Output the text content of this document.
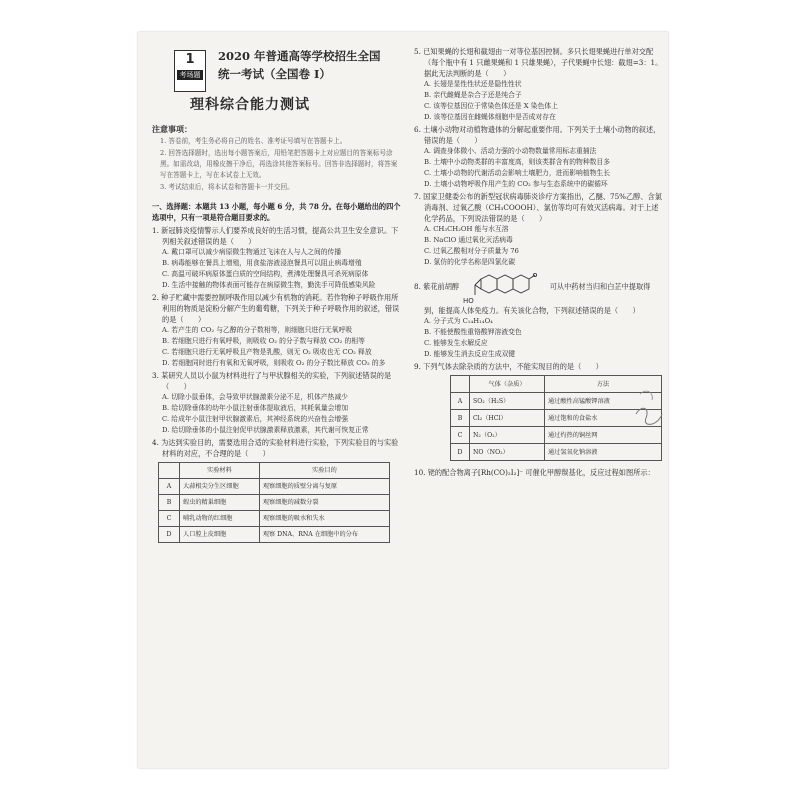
1
考场题
2020 年普通高等学校招生全国
统一考试（全国卷 I）
理科综合能力测试
注意事项：

1. 答卷前，考生务必将自己的姓名、准考证号填写在答题卡上。

2. 回答选择题时，选出每小题答案后，用铅笔把答题卡上对应题目的答案标号涂黑。如需改动，用橡皮擦干净后，再选涂其他答案标号。回答非选择题时，将答案写在答题卡上，写在本试卷上无效。

3. 考试结束后，将本试卷和答题卡一并交回。

一、选择题：本题共 13 小题，每小题 6 分，共 78 分。在每小题给出的四个选项中，只有一项是符合题目要求的。
1. 新冠肺炎疫情警示人们要养成良好的生活习惯，提高公共卫生安全意识。下列相关叙述错误的是（　　）
A. 戴口罩可以减少病原微生物通过飞沫在人与人之间的传播
B. 病毒能够在餐具上增殖，用食盐溶液浸泡餐具可以阻止病毒增殖
C. 高温可破坏病原体蛋白质的空间结构，煮沸处理餐具可杀死病原体
D. 生活中接触的物体表面可能存在病原微生物，勤洗手可降低感染风险
2. 种子贮藏中需要控制呼吸作用以减少有机物的消耗。若作物种子呼吸作用所利用的物质是淀粉分解产生的葡萄糖，下列关于种子呼吸作用的叙述，错误的是（　　）
A. 若产生的 CO₂ 与乙醇的分子数相等，则细胞只进行无氧呼吸
B. 若细胞只进行有氧呼吸，则吸收 O₂ 的分子数与释放 CO₂ 的相等
C. 若细胞只进行无氧呼吸且产物是乳酸，则无 O₂ 吸收也无 CO₂ 释放
D. 若细胞同时进行有氧和无氧呼吸，则吸收 O₂ 的分子数比释放 CO₂ 的多
3. 某研究人员以小鼠为材料进行了与甲状腺相关的实验，下列叙述错误的是（　　）
A. 切除小鼠垂体，会导致甲状腺激素分泌不足，机体产热减少
B. 给切除垂体的幼年小鼠注射垂体提取液后，其耗氧量会增加
C. 给成年小鼠注射甲状腺激素后，其神经系统的兴奋性会增强
D. 给切除垂体的小鼠注射促甲状腺激素释放激素，其代谢可恢复正常
4. 为达到实验目的，需要选用合适的实验材料进行实验，下列实验目的与实验材料的对应，不合理的是（　　）
	实验材料	实验目的
A	大蒜根尖分生区细胞	观察细胞的质壁分离与复原
B	蝗虫的精巢细胞	观察细胞的减数分裂
C	哺乳动物的红细胞	观察细胞的吸水和失水
D	人口腔上皮细胞	观察 DNA、RNA 在细胞中的分布
5. 已知果蝇的长翅和截翅由一对等位基因控制。多只长翅果蝇进行单对交配（每个瓶中有 1 只雌果蝇和 1 只雄果蝇），子代果蝇中长翅：截翅=3：1。据此无法判断的是（　　）
A. 长翅是显性性状还是隐性性状
B. 亲代雌蝇是杂合子还是纯合子
C. 该等位基因位于常染色体还是 X 染色体上
D. 该等位基因在雌蝇体细胞中是否成对存在
6. 土壤小动物对动植物遗体的分解起重要作用。下列关于土壤小动物的叙述，错误的是（　　）
A. 调查身体微小、活动力强的小动物数量常用标志重捕法
B. 土壤中小动物类群的丰富度高，则该类群含有的物种数目多
C. 土壤小动物的代谢活动会影响土壤肥力，进而影响植物生长
D. 土壤小动物呼吸作用产生的 CO₂ 参与生态系统中的碳循环
7. 国家卫健委公布的新型冠状病毒肺炎诊疗方案指出，乙醚、75%乙醇、含氯消毒剂、过氧乙酸（CH₃COOOH）、氯仿等均可有效灭活病毒。对于上述化学药品，下列说法错误的是（　　）
A. CH₃CH₂OH 能与水互溶
B. NaClO 通过氧化灭活病毒
C. 过氧乙酸相对分子质量为 76
D. 氯仿的化学名称是四氯化碳
8. 紫花前胡醇
HO
可从中药材当归和白芷中提取得到，能提高人体免疫力。有关该化合物，下列叙述错误的是（　　）
A. 分子式为 C₁₄H₁₄O₄
B. 不能使酸性重铬酸钾溶液变色
C. 能够发生水解反应
D. 能够发生消去反应生成双键
9. 下列气体去除杂质的方法中，不能实现目的的是（　　）
	气体（杂质）	方法
A	SO₂（H₂S）	通过酸性高锰酸钾溶液
B	Cl₂（HCl）	通过饱和的食盐水
C	N₂（O₂）	通过灼热的铜丝网
D	NO（NO₂）	通过氢氧化钠溶液
10. 铑的配合物离子[Rh(CO)₂I₂]⁻ 可催化甲醇羰基化，反应过程如图所示：
